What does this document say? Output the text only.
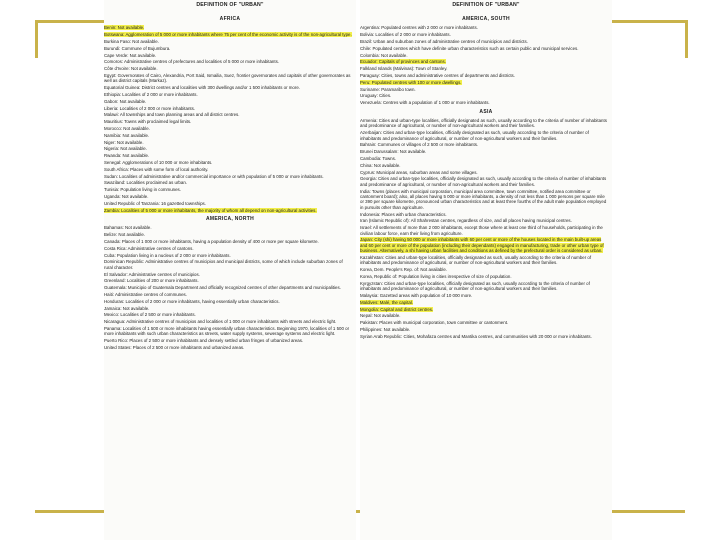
DEFINITION OF "URBAN"
AFRICA
Benin: Not available.
Botswana: Agglomeration of 5 000 or more inhabitants where 75 per cent of the economic activity is of the non-agricultural type.
Burkina Faso: Not available.
Burundi: Commune of Bujumbura.
Cape Verde: Not available.
Comoros: Administrative centres of prefectures and localities of 5 000 or more inhabitants.
Côte d'Ivoire: Not available.
Egypt: Governorates of Cairo, Alexandria, Port Said, Ismailia, Suez, frontier governorates and capitals of other governorates as well as district capitals (Markaz).
Equatorial Guinea: District centres and localities with 300 dwellings and/or 1 500 inhabitants or more.
Ethiopia: Localities of 2 000 or more inhabitants.
Gabon: Not available.
Liberia: Localities of 2 000 or more inhabitants.
Malawi: All townships and town planning areas and all district centres.
Mauritius: Towns with proclaimed legal limits.
Morocco: Not available.
Namibia: Not available.
Niger: Not available.
Nigeria: Not available.
Rwanda: Not available.
Senegal: Agglomerations of 10 000 or more inhabitants.
South Africa: Places with some form of local authority.
Sudan: Localities of administrative and/or commercial importance or with population of 5 000 or more inhabitants.
Swaziland: Localities proclaimed as urban.
Tunisia: Population living in communes.
Uganda: Not available.
United Republic of Tanzania: 16 gazetted townships.
Zambia: Localities of 5 000 or more inhabitants, the majority of whom all depend on non-agricultural activities.
AMERICA, NORTH
Bahamas: Not available.
Belize: Not available.
Canada: Places of 1 000 or more inhabitants, having a population density of 400 or more per square kilometre.
Costa Rica: Administrative centres of cantons.
Cuba: Population living in a nucleus of 2 000 or more inhabitants.
Dominican Republic: Administrative centres of municipios and municipal districts, some of which include suburban zones of rural character.
El Salvador: Administrative centres of municipios.
Greenland: Localities of 200 or more inhabitants.
Guatemala: Municipio of Guatemala Department and officially recognized centres of other departments and municipalities.
Haiti: Administrative centres of communes.
Honduras: Localities of 2 000 or more inhabitants, having essentially urban characteristics.
Jamaica: Not available.
Mexico: Localities of 2 500 or more inhabitants.
Nicaragua: Administrative centres of municipios and localities of 1 000 or more inhabitants with streets and electric light.
Panama: Localities of 1 500 or more inhabitants having essentially urban characteristics. Beginning 1970, localities of 1 500 or more inhabitants with such urban characteristics as streets, water supply systems, sewerage systems and electric light.
Puerto Rico: Places of 2 500 or more inhabitants and densely settled urban fringes of urbanized areas.
United States: Places of 2 500 or more inhabitants and urbanized areas.
DEFINITION OF "URBAN"
AMERICA, SOUTH
Argentina: Populated centres with 2 000 or more inhabitants.
Bolivia: Localities of 2 000 or more inhabitants.
Brazil: Urban and suburban zones of administrative centres of municipios and districts.
Chile: Populated centres which have definite urban characteristics such as certain public and municipal services.
Colombia: Not available.
Ecuador: Capitals of provinces and cantons.
Falkland Islands (Malvinas): Town of Stanley.
Paraguay: Cities, towns and administrative centres of departments and districts.
Peru: Populated centres with 100 or more dwellings.
Suriname: Paramaribo town.
Uruguay: Cities.
Venezuela: Centres with a population of 1 000 or more inhabitants.
ASIA
Armenia: Cities and urban-type localities, officially designated as such, usually according to the criteria of number of inhabitants and predominance of agricultural, or number of non-agricultural workers and their families.
Azerbaijan: Cities and urban-type localities, officially designated as such, usually according to the criteria of number of inhabitants and predominance of agricultural, or number of non-agricultural workers and their families.
Bahrain: Communes or villages of 2 500 or more inhabitants.
Brunei Darussalam: Not available.
Cambodia: Towns.
China: Not available.
Cyprus: Municipal areas, suburban areas and some villages.
Georgia: Cities and urban-type localities, officially designated as such, usually according to the criteria of number of inhabitants and predominance of agricultural, or number of non-agricultural workers and their families.
India: Towns (places with municipal corporation, municipal area committee, town committee, notified area committee or cantonment board); also, all places having 5 000 or more inhabitants, a density of not less than 1 000 persons per square mile or 390 per square kilometre, pronounced urban characteristics and at least three fourths of the adult male population employed in pursuits other than agriculture.
Indonesia: Places with urban characteristics.
Iran (Islamic Republic of): All Shahrestan centres, regardless of size, and all places having municipal centres.
Israel: All settlements of more than 2 000 inhabitants, except those where at least one third of households, participating in the civilian labour force, earn their living from agriculture.
Japan: City (shi) having 50 000 or more inhabitants with 60 per cent or more of the houses located in the main built-up areas and 60 per cent or more of the population (including their dependants) engaged in manufacturing, trade or other urban type of business. Alternatively, a shi having urban facilities and conditions as defined by the prefectural order is considered as urban.
Kazakhstan: Cities and urban-type localities, officially designated as such, usually according to the criteria of number of inhabitants and predominance of agricultural, or number of non-agricultural workers and their families.
Korea, Dem. People's Rep. of: Not available.
Korea, Republic of: Population living in cities irrespective of size of population.
Kyrgyzstan: Cities and urban-type localities, officially designated as such, usually according to the criteria of number of inhabitants and predominance of agricultural, or number of non-agricultural workers and their families.
Malaysia: Gazetted areas with population of 10 000 more.
Maldives: Malé, the capital.
Mongolia: Capital and district centres.
Nepal: Not available.
Pakistan: Places with municipal corporation, town committee or cantonment.
Philippines: Not available.
Syrian Arab Republic: Cities, Mohafaza centres and Mantika centres, and communities with 20 000 or more inhabitants.
